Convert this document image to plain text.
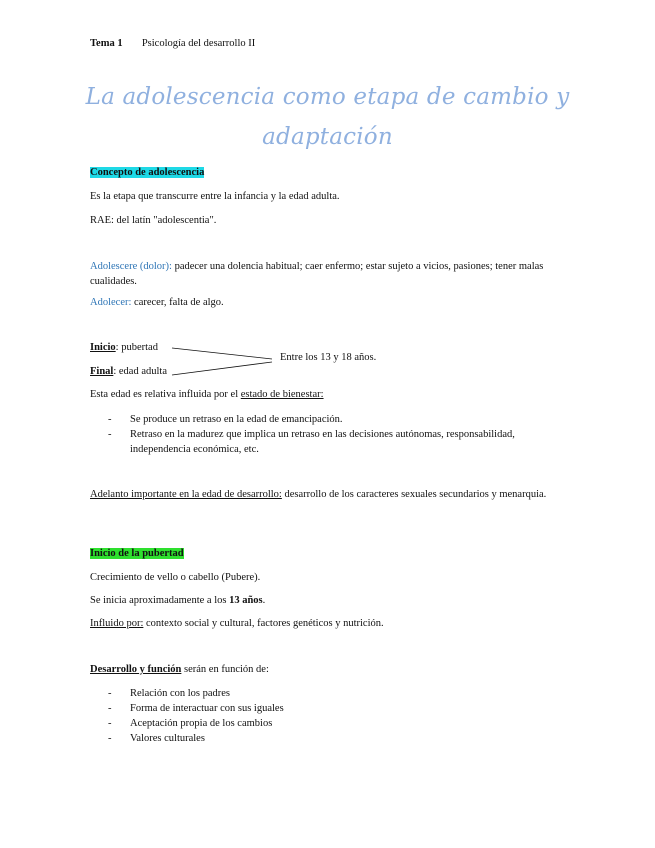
Tema 1 Psicología del desarrollo II
La adolescencia como etapa de cambio y
adaptación
Concepto de adolescencia
Es la etapa que transcurre entre la infancia y la edad adulta.
RAE: del latín "adolescentia".
Adolescere (dolor): padecer una dolencia habitual; caer enfermo; estar sujeto a vicios, pasiones; tener malas cualidades.
Adolecer: carecer, falta de algo.
Inicio: pubertad
Final: edad adulta
Entre los 13 y 18 años.
Esta edad es relativa influida por el estado de bienestar:
- Se produce un retraso en la edad de emancipación.
- Retraso en la madurez que implica un retraso en las decisiones autónomas, responsabilidad, independencia económica, etc.
Adelanto importante en la edad de desarrollo: desarrollo de los caracteres sexuales secundarios y menarquia.
Inicio de la pubertad
Crecimiento de vello o cabello (Pubere).
Se inicia aproximadamente a los 13 años.
Influido por: contexto social y cultural, factores genéticos y nutrición.
Desarrollo y función serán en función de:
- Relación con los padres
- Forma de interactuar con sus iguales
- Aceptación propia de los cambios
- Valores culturales
